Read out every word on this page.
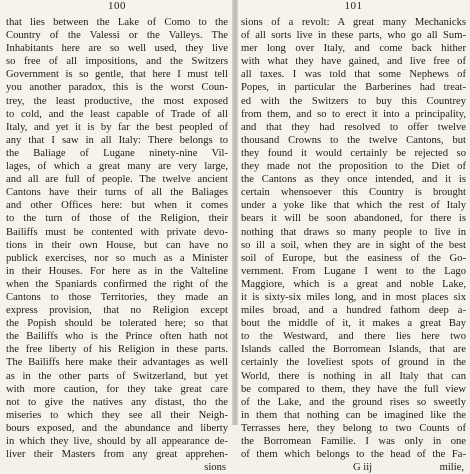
100
that lies between the Lake of Como to the
Country of the Valessi or the Valleys. The
Inhabitants here are so well used, they live
so free of all impositions, and the Switzers
Government is so gentle, that here I must tell
you another paradox, this is the worst Coun-
trey, the least productive, the most exposed
to cold, and the least capable of Trade of all
Italy, and yet it is by far the best peopled of
any that I saw in all Italy: There belongs to
the Baliage of Lugane ninety-nine Vil-
lages, of which a great many are very large,
and all are full of people. The twelve ancient
Cantons have their turns of all the Baliages
and other Offices here: but when it comes
to the turn of those of the Religion, their
Bailiffs must be contented with private devo-
tions in their own House, but can have no
publick exercises, nor so much as a Minister
in their Houses. For here as in the Valteline
when the Spaniards confirmed the right of the
Cantons to those Territories, they made an
express provision, that no Religion except
the Popish should be tolerated here; so that
the Bailiffs who is the Prince often hath not
the free liberty of his Religion in these parts.
The Bailiffs here make their advantages as well
as in the other parts of Switzerland, but yet
with more caution, for they take great care
not to give the natives any distast, tho the
miseries to which they see all their Neigh-
bours exposed, and the abundance and liberty
in which they live, should by all appearance de-
liver their Masters from any great apprehen-
sions
101
sions of a revolt: A great many Mechanicks
of all sorts live in these parts, who go all Sum-
mer long over Italy, and come back hither
with what they have gained, and live free of
all taxes. I was told that some Nephews of
Popes, in particular the Barberines had treat-
ed with the Switzers to buy this Countrey
from them, and so to erect it into a principality,
and that they had resolved to offer twelve
thousand Crowns to the twelve Cantons, but
they found it would certainly be rejected so
they made not the proposition to the Diet of
the Cantons as they once intended, and it is
certain whensoever this Country is brought
under a yoke like that which the rest of Italy
bears it will be soon abandoned, for there is
nothing that draws so many people to live in
so ill a soil, when they are in sight of the best
soil of Europe, but the easiness of the Go-
vernment. From Lugane I went to the Lago
Maggiore, which is a great and noble Lake,
it is sixty-six miles long, and in most places six
miles broad, and a hundred fathom deep a-
bout the middle of it, it makes a great Bay
to the Westward, and there lies here two
Islands called the Borromean Islands, that are
certainly the loveliest spots of ground in the
World, there is nothing in all Italy that can
be compared to them, they have the full view
of the Lake, and the ground rises so sweetly
in them that nothing can be imagined like the
Terrasses here, they belong to two Counts of
the Borromean Familie. I was only in one
of them which belongs to the head of the Fa-
G iij	milie,
